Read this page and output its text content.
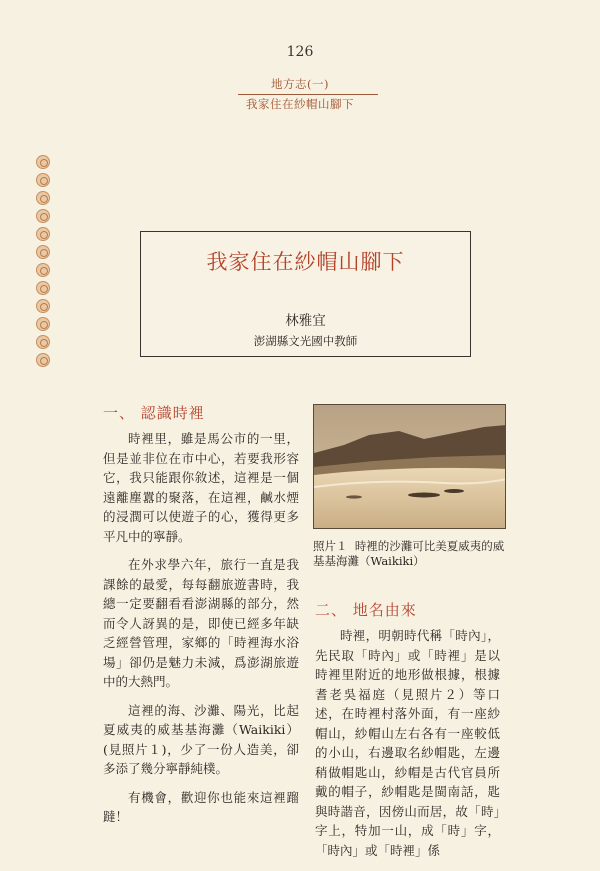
126
地方志(一)
我家住在紗帽山腳下
我家住在紗帽山腳下
林雅宜
澎湖縣文光國中教師
一、 認識時裡

時裡里，雖是馬公市的一里，但是並非位在市中心，若要我形容它，我只能跟你敘述，這裡是一個遠離塵囂的聚落，在這裡，鹹水煙的浸潤可以使遊子的心，獲得更多平凡中的寧靜。

在外求學六年，旅行一直是我課餘的最愛，每每翻旅遊書時，我總一定要翻看看澎湖縣的部分，然而令人訝異的是，即使已經多年缺乏經營管理，家鄉的「時裡海水浴場」卻仍是魅力未減，爲澎湖旅遊中的大熱門。

這裡的海、沙灘、陽光，比起夏威夷的威基基海灘（Waikiki）(見照片１)，少了一份人造美，卻多添了幾分寧靜純樸。

有機會，歡迎你也能來這裡蹓躂！

照片１ 時裡的沙灘可比美夏威夷的威基基海灘（Waikiki）
二、 地名由來

時裡，明朝時代稱「時內」，先民取「時內」或「時裡」是以時裡里附近的地形做根據，根據耆老吳福庭（見照片２）等口述，在時裡村落外面，有一座紗帽山，紗帽山左右各有一座較低的小山，右邊取名紗帽匙，左邊稍做帽匙山，紗帽是古代官員所戴的帽子，紗帽匙是閩南話，匙與時諧音，因傍山而居，故「時」字上，特加一山，成「時」字，「時內」或「時裡」係
